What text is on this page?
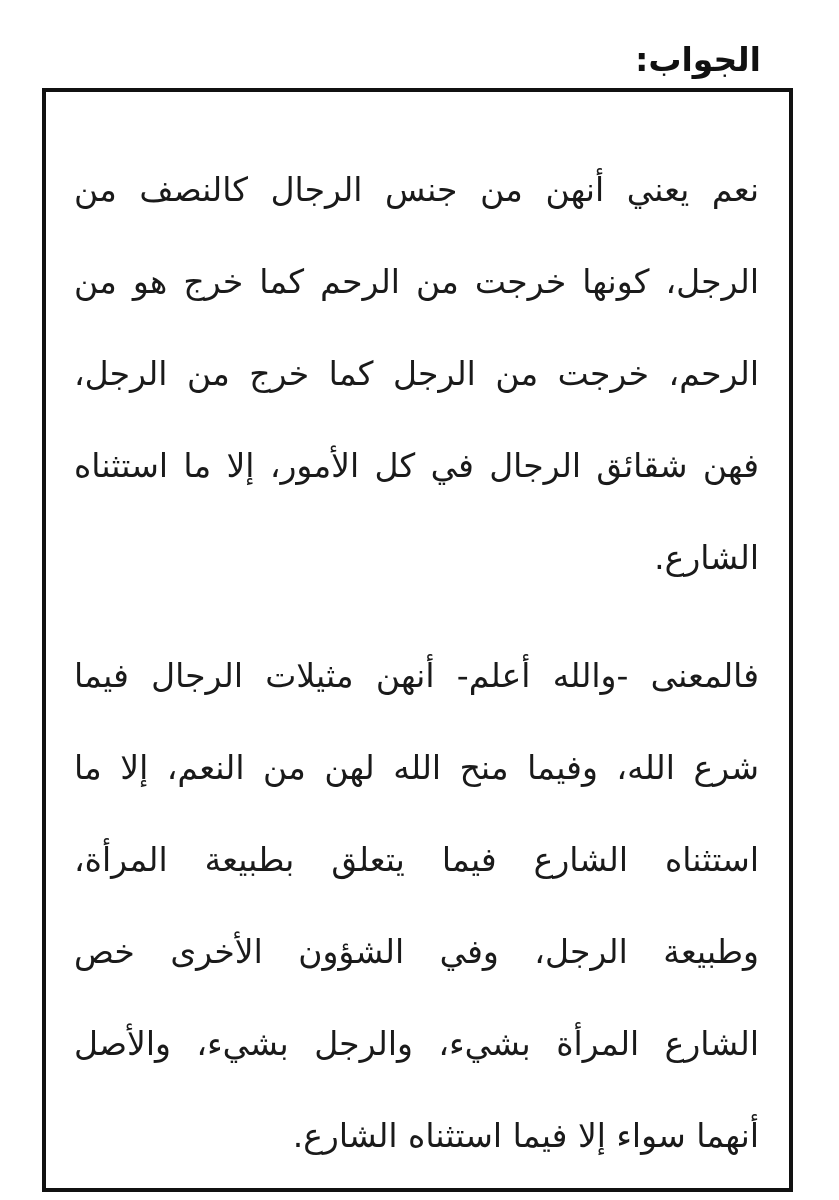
الجواب:
نعم يعني أنهن من جنس الرجال كالنصف من
الرجل، كونها خرجت من الرحم كما خرج هو من
الرحم، خرجت من الرجل كما خرج من الرجل،
فهن شقائق الرجال في كل الأمور، إلا ما استثناه
الشارع.
فالمعنى -والله أعلم- أنهن مثيلات الرجال فيما
شرع الله، وفيما منح الله لهن من النعم، إلا ما
استثناه الشارع فيما يتعلق بطبيعة المرأة،
وطبيعة الرجل، وفي الشؤون الأخرى خص
الشارع المرأة بشيء، والرجل بشيء، والأصل
أنهما سواء إلا فيما استثناه الشارع.
